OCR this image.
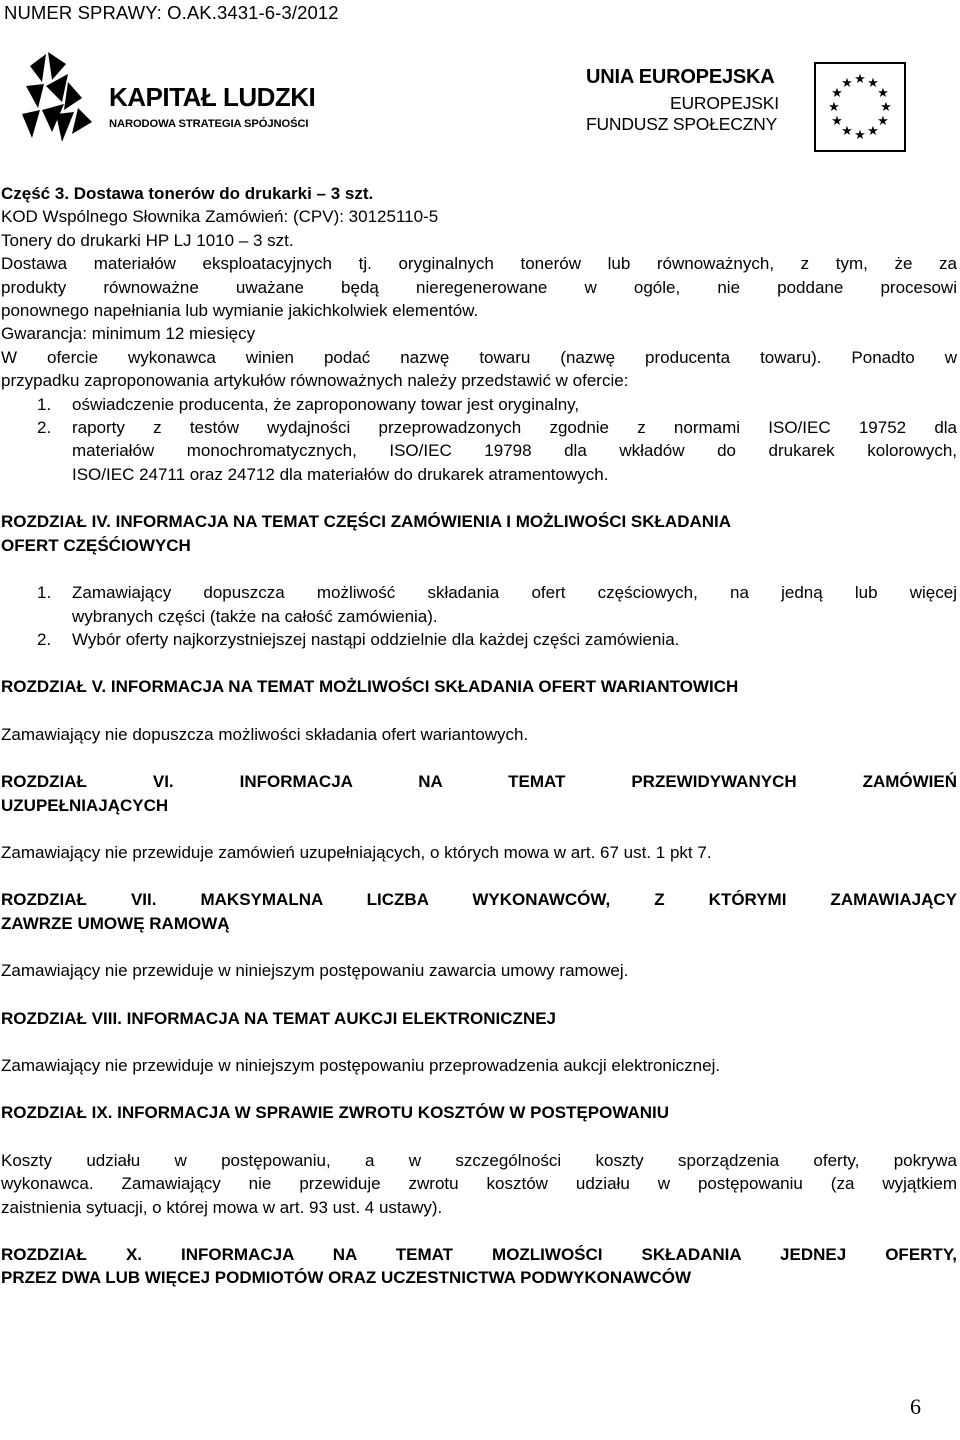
NUMER SPRAWY: O.AK.3431-6-3/2012
KAPITAŁ LUDZKI
NARODOWA STRATEGIA SPÓJNOŚCI
UNIA EUROPEJSKA
EUROPEJSKI
FUNDUSZ SPOŁECZNY
★ ★
★
★
★
★
★
★
★
★
★
★
Część 3. Dostawa tonerów do drukarki – 3 szt.
KOD Wspólnego Słownika Zamówień: (CPV): 30125110-5
Tonery do drukarki HP LJ 1010 – 3 szt.
Dostawa materiałów eksploatacyjnych tj. oryginalnych tonerów lub równoważnych, z tym, że za
produkty równoważne uważane będą nieregenerowane w ogóle, nie poddane procesowi
ponownego napełniania lub wymianie jakichkolwiek elementów.
Gwarancja: minimum 12 miesięcy
W ofercie wykonawca winien podać nazwę towaru (nazwę producenta towaru). Ponadto w
przypadku zaproponowania artykułów równoważnych należy przedstawić w ofercie:
1.	oświadczenie producenta, że zaproponowany towar jest oryginalny,
2.	raporty z testów wydajności przeprowadzonych zgodnie z normami ISO/IEC 19752 dla
materiałów monochromatycznych, ISO/IEC 19798 dla wkładów do drukarek kolorowych,
ISO/IEC 24711 oraz 24712 dla materiałów do drukarek atramentowych.
ROZDZIAŁ IV. INFORMACJA NA TEMAT CZĘŚCI ZAMÓWIENIA I MOŻLIWOŚCI SKŁADANIA
OFERT CZĘŚĆIOWYCH
1.	Zamawiający dopuszcza możliwość składania ofert częściowych, na jedną lub więcej
wybranych części (także na całość zamówienia).
2.	Wybór oferty najkorzystniejszej nastąpi oddzielnie dla każdej części zamówienia.
ROZDZIAŁ V. INFORMACJA NA TEMAT MOŻLIWOŚCI SKŁADANIA OFERT WARIANTOWICH
Zamawiający nie dopuszcza możliwości składania ofert wariantowych.
ROZDZIAŁ VI. INFORMACJA NA TEMAT PRZEWIDYWANYCH ZAMÓWIEŃ
UZUPEŁNIAJĄCYCH
Zamawiający nie przewiduje zamówień uzupełniających, o których mowa w art. 67 ust. 1 pkt 7.
ROZDZIAŁ VII. MAKSYMALNA LICZBA WYKONAWCÓW, Z KTÓRYMI ZAMAWIAJĄCY
ZAWRZE UMOWĘ RAMOWĄ
Zamawiający nie przewiduje w niniejszym postępowaniu zawarcia umowy ramowej.
ROZDZIAŁ VIII. INFORMACJA NA TEMAT AUKCJI ELEKTRONICZNEJ
Zamawiający nie przewiduje w niniejszym postępowaniu przeprowadzenia aukcji elektronicznej.
ROZDZIAŁ IX. INFORMACJA W SPRAWIE ZWROTU KOSZTÓW W POSTĘPOWANIU
Koszty udziału w postępowaniu, a w szczególności koszty sporządzenia oferty, pokrywa
wykonawca. Zamawiający nie przewiduje zwrotu kosztów udziału w postępowaniu (za wyjątkiem
zaistnienia sytuacji, o której mowa w art. 93 ust. 4 ustawy).
ROZDZIAŁ X. INFORMACJA NA TEMAT MOZLIWOŚCI SKŁADANIA JEDNEJ OFERTY,
PRZEZ DWA LUB WIĘCEJ PODMIOTÓW ORAZ UCZESTNICTWA PODWYKONAWCÓW
6
